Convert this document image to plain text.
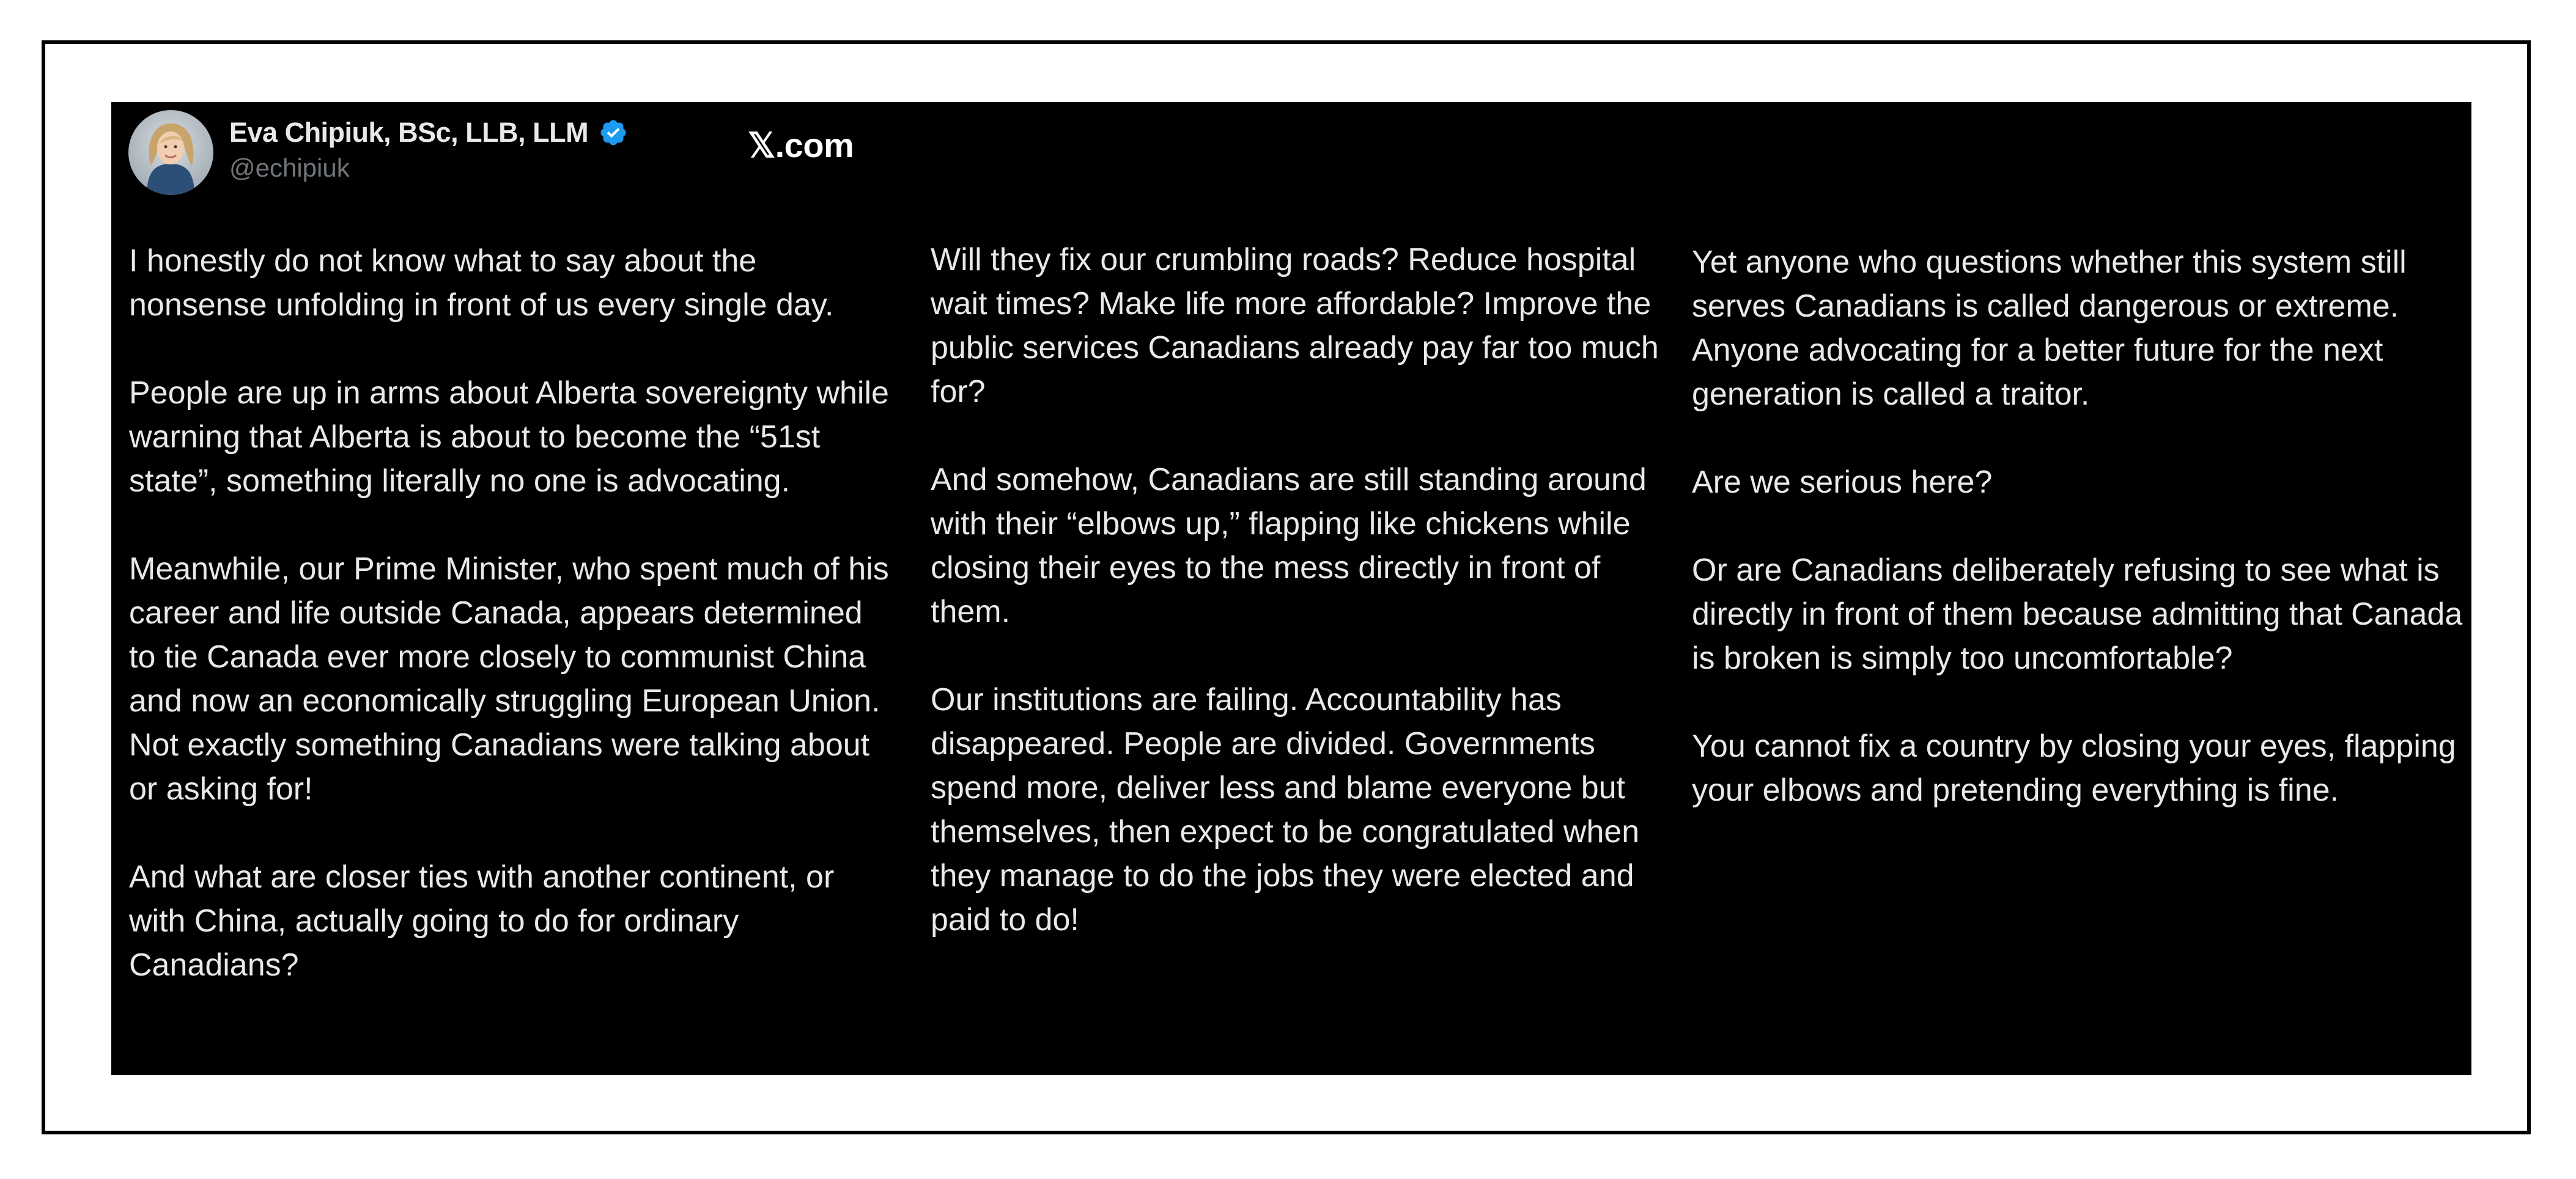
Eva Chipiuk, BSc, LLB, LLM
@echipiuk
𝕏.com

I honestly do not know what to say about the nonsense unfolding in front of us every single day.

People are up in arms about Alberta sovereignty while warning that Alberta is about to become the “51st state”, something literally no one is advocating.

Meanwhile, our Prime Minister, who spent much of his career and life outside Canada, appears determined to tie Canada ever more closely to communist China and now an economically struggling European Union. Not exactly something Canadians were talking about or asking for!

And what are closer ties with another continent, or with China, actually going to do for ordinary Canadians?

Will they fix our crumbling roads? Reduce hospital wait times? Make life more affordable? Improve the public services Canadians already pay far too much for?

And somehow, Canadians are still standing around with their “elbows up,” flapping like chickens while closing their eyes to the mess directly in front of them.

Our institutions are failing. Accountability has disappeared. People are divided. Governments spend more, deliver less and blame everyone but themselves, then expect to be congratulated when they manage to do the jobs they were elected and paid to do!

Yet anyone who questions whether this system still serves Canadians is called dangerous or extreme. Anyone advocating for a better future for the next generation is called a traitor.

Are we serious here?

Or are Canadians deliberately refusing to see what is directly in front of them because admitting that Canada is broken is simply too uncomfortable?

You cannot fix a country by closing your eyes, flapping your elbows and pretending everything is fine.
